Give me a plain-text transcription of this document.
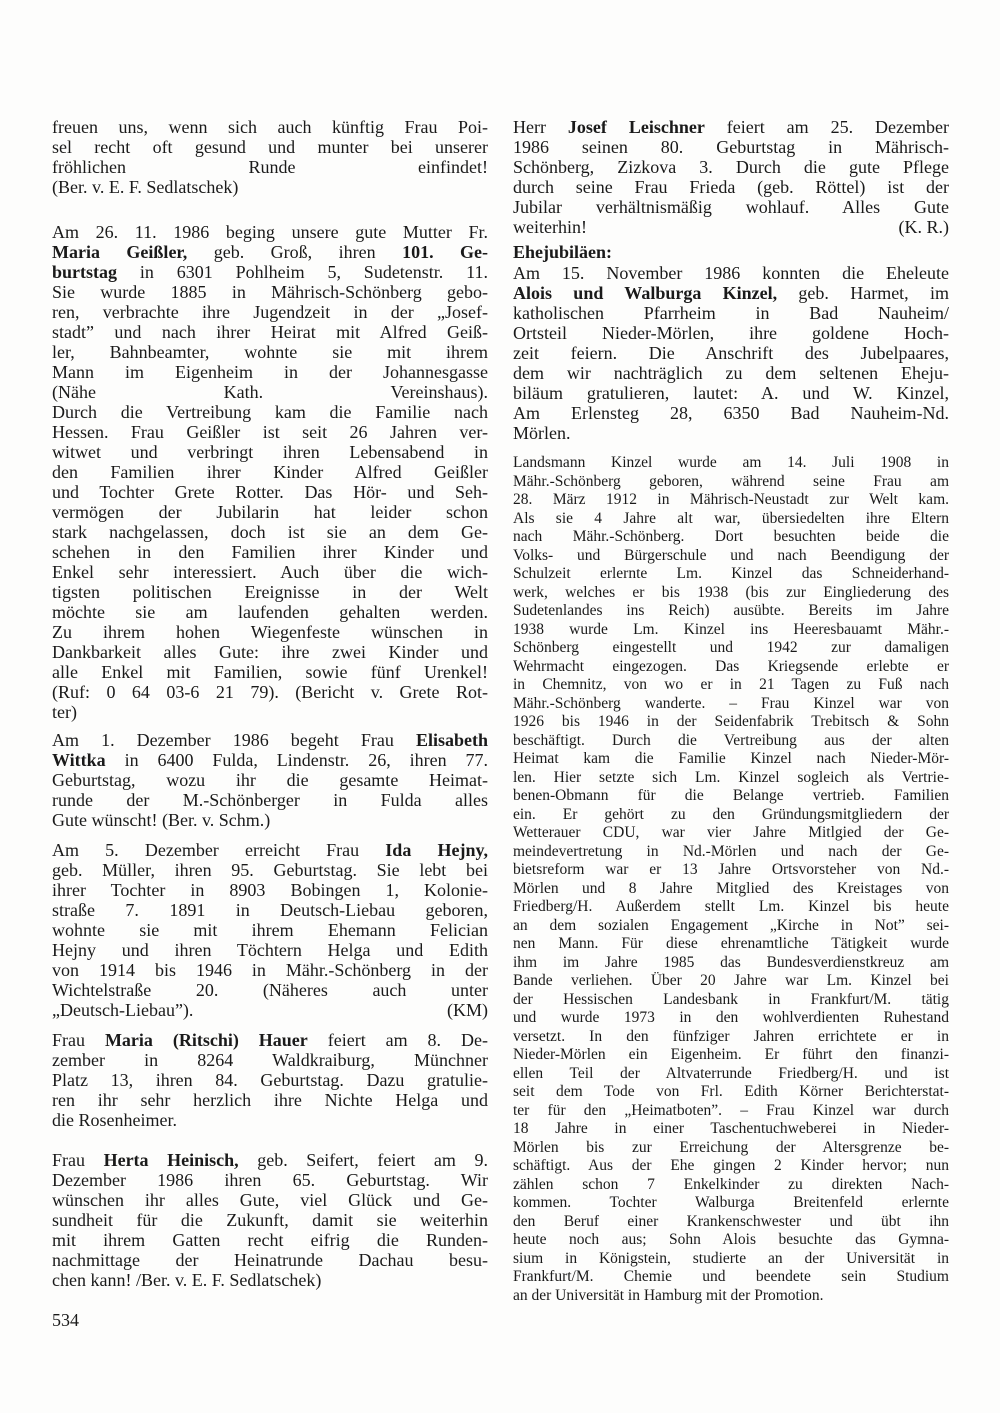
freuen uns, wenn sich auch künftig Frau Poi-
sel recht oft gesund und munter bei unserer
fröhlichen Runde einfindet!
(Ber. v. E. F. Sedlatschek)
Am 26. 11. 1986 beging unsere gute Mutter Fr.
Maria Geißler, geb. Groß, ihren 101. Ge-
burtstag in 6301 Pohlheim 5, Sudetenstr. 11.
Sie wurde 1885 in Mährisch-Schönberg gebo-
ren, verbrachte ihre Jugendzeit in der „Josef-
stadt” und nach ihrer Heirat mit Alfred Geiß-
ler, Bahnbeamter, wohnte sie mit ihrem
Mann im Eigenheim in der Johannesgasse
(Nähe Kath. Vereinshaus).
Durch die Vertreibung kam die Familie nach
Hessen. Frau Geißler ist seit 26 Jahren ver-
witwet und verbringt ihren Lebensabend in
den Familien ihrer Kinder Alfred Geißler
und Tochter Grete Rotter. Das Hör- und Seh-
vermögen der Jubilarin hat leider schon
stark nachgelassen, doch ist sie an dem Ge-
schehen in den Familien ihrer Kinder und
Enkel sehr interessiert. Auch über die wich-
tigsten politischen Ereignisse in der Welt
möchte sie am laufenden gehalten werden.
Zu ihrem hohen Wiegenfeste wünschen in
Dankbarkeit alles Gute: ihre zwei Kinder und
alle Enkel mit Familien, sowie fünf Urenkel!
(Ruf: 0 64 03-6 21 79). (Bericht v. Grete Rot-
ter)
Am 1. Dezember 1986 begeht Frau Elisabeth
Wittka in 6400 Fulda, Lindenstr. 26, ihren 77.
Geburtstag, wozu ihr die gesamte Heimat-
runde der M.-Schönberger in Fulda alles
Gute wünscht! (Ber. v. Schm.)
Am 5. Dezember erreicht Frau Ida Hejny,
geb. Müller, ihren 95. Geburtstag. Sie lebt bei
ihrer Tochter in 8903 Bobingen 1, Kolonie-
straße 7. 1891 in Deutsch-Liebau geboren,
wohnte sie mit ihrem Ehemann Felician
Hejny und ihren Töchtern Helga und Edith
von 1914 bis 1946 in Mähr.-Schönberg in der
Wichtelstraße 20. (Näheres auch unter
„Deutsch-Liebau”).	(KM)
Frau Maria (Ritschi) Hauer feiert am 8. De-
zember in 8264 Waldkraiburg, Münchner
Platz 13, ihren 84. Geburtstag. Dazu gratulie-
ren ihr sehr herzlich ihre Nichte Helga und
die Rosenheimer.
Frau Herta Heinisch, geb. Seifert, feiert am 9.
Dezember 1986 ihren 65. Geburtstag. Wir
wünschen ihr alles Gute, viel Glück und Ge-
sundheit für die Zukunft, damit sie weiterhin
mit ihrem Gatten recht eifrig die Runden-
nachmittage der Heinatrunde Dachau besu-
chen kann! /Ber. v. E. F. Sedlatschek)
534
Herr Josef Leischner feiert am 25. Dezember
1986 seinen 80. Geburtstag in Mährisch-
Schönberg, Zizkova 3. Durch die gute Pflege
durch seine Frau Frieda (geb. Röttel) ist der
Jubilar verhältnismäßig wohlauf. Alles Gute
weiterhin!	(K. R.)
Ehejubiläen:
Am 15. November 1986 konnten die Eheleute
Alois und Walburga Kinzel, geb. Harmet, im
katholischen Pfarrheim in Bad Nauheim/
Ortsteil Nieder-Mörlen, ihre goldene Hoch-
zeit feiern. Die Anschrift des Jubelpaares,
dem wir nachträglich zu dem seltenen Eheju-
biläum gratulieren, lautet: A. und W. Kinzel,
Am Erlensteg 28, 6350 Bad Nauheim-Nd.
Mörlen.
Landsmann Kinzel wurde am 14. Juli 1908 in
Mähr.-Schönberg geboren, während seine Frau am
28. März 1912 in Mährisch-Neustadt zur Welt kam.
Als sie 4 Jahre alt war, übersiedelten ihre Eltern
nach Mähr.-Schönberg. Dort besuchten beide die
Volks- und Bürgerschule und nach Beendigung der
Schulzeit erlernte Lm. Kinzel das Schneiderhand-
werk, welches er bis 1938 (bis zur Eingliederung des
Sudetenlandes ins Reich) ausübte. Bereits im Jahre
1938 wurde Lm. Kinzel ins Heeresbauamt Mähr.-
Schönberg eingestellt und 1942 zur damaligen
Wehrmacht eingezogen. Das Kriegsende erlebte er
in Chemnitz, von wo er in 21 Tagen zu Fuß nach
Mähr.-Schönberg wanderte. – Frau Kinzel war von
1926 bis 1946 in der Seidenfabrik Trebitsch & Sohn
beschäftigt. Durch die Vertreibung aus der alten
Heimat kam die Familie Kinzel nach Nieder-Mör-
len. Hier setzte sich Lm. Kinzel sogleich als Vertrie-
benen-Obmann für die Belange vertrieb. Familien
ein. Er gehört zu den Gründungsmitgliedern der
Wetterauer CDU, war vier Jahre Mitlgied der Ge-
meindevertretung in Nd.-Mörlen und nach der Ge-
bietsreform war er 13 Jahre Ortsvorsteher von Nd.-
Mörlen und 8 Jahre Mitglied des Kreistages von
Friedberg/H. Außerdem stellt Lm. Kinzel bis heute
an dem sozialen Engagement „Kirche in Not” sei-
nen Mann. Für diese ehrenamtliche Tätigkeit wurde
ihm im Jahre 1985 das Bundesverdienstkreuz am
Bande verliehen. Über 20 Jahre war Lm. Kinzel bei
der Hessischen Landesbank in Frankfurt/M. tätig
und wurde 1973 in den wohlverdienten Ruhestand
versetzt. In den fünfziger Jahren errichtete er in
Nieder-Mörlen ein Eigenheim. Er führt den finanzi-
ellen Teil der Altvaterrunde Friedberg/H. und ist
seit dem Tode von Frl. Edith Körner Berichterstat-
ter für den „Heimatboten”. – Frau Kinzel war durch
18 Jahre in einer Taschentuchweberei in Nieder-
Mörlen bis zur Erreichung der Altersgrenze be-
schäftigt. Aus der Ehe gingen 2 Kinder hervor; nun
zählen schon 7 Enkelkinder zu direkten Nach-
kommen. Tochter Walburga Breitenfeld erlernte
den Beruf einer Krankenschwester und übt ihn
heute noch aus; Sohn Alois besuchte das Gymna-
sium in Königstein, studierte an der Universität in
Frankfurt/M. Chemie und beendete sein Studium
an der Universität in Hamburg mit der Promotion.
